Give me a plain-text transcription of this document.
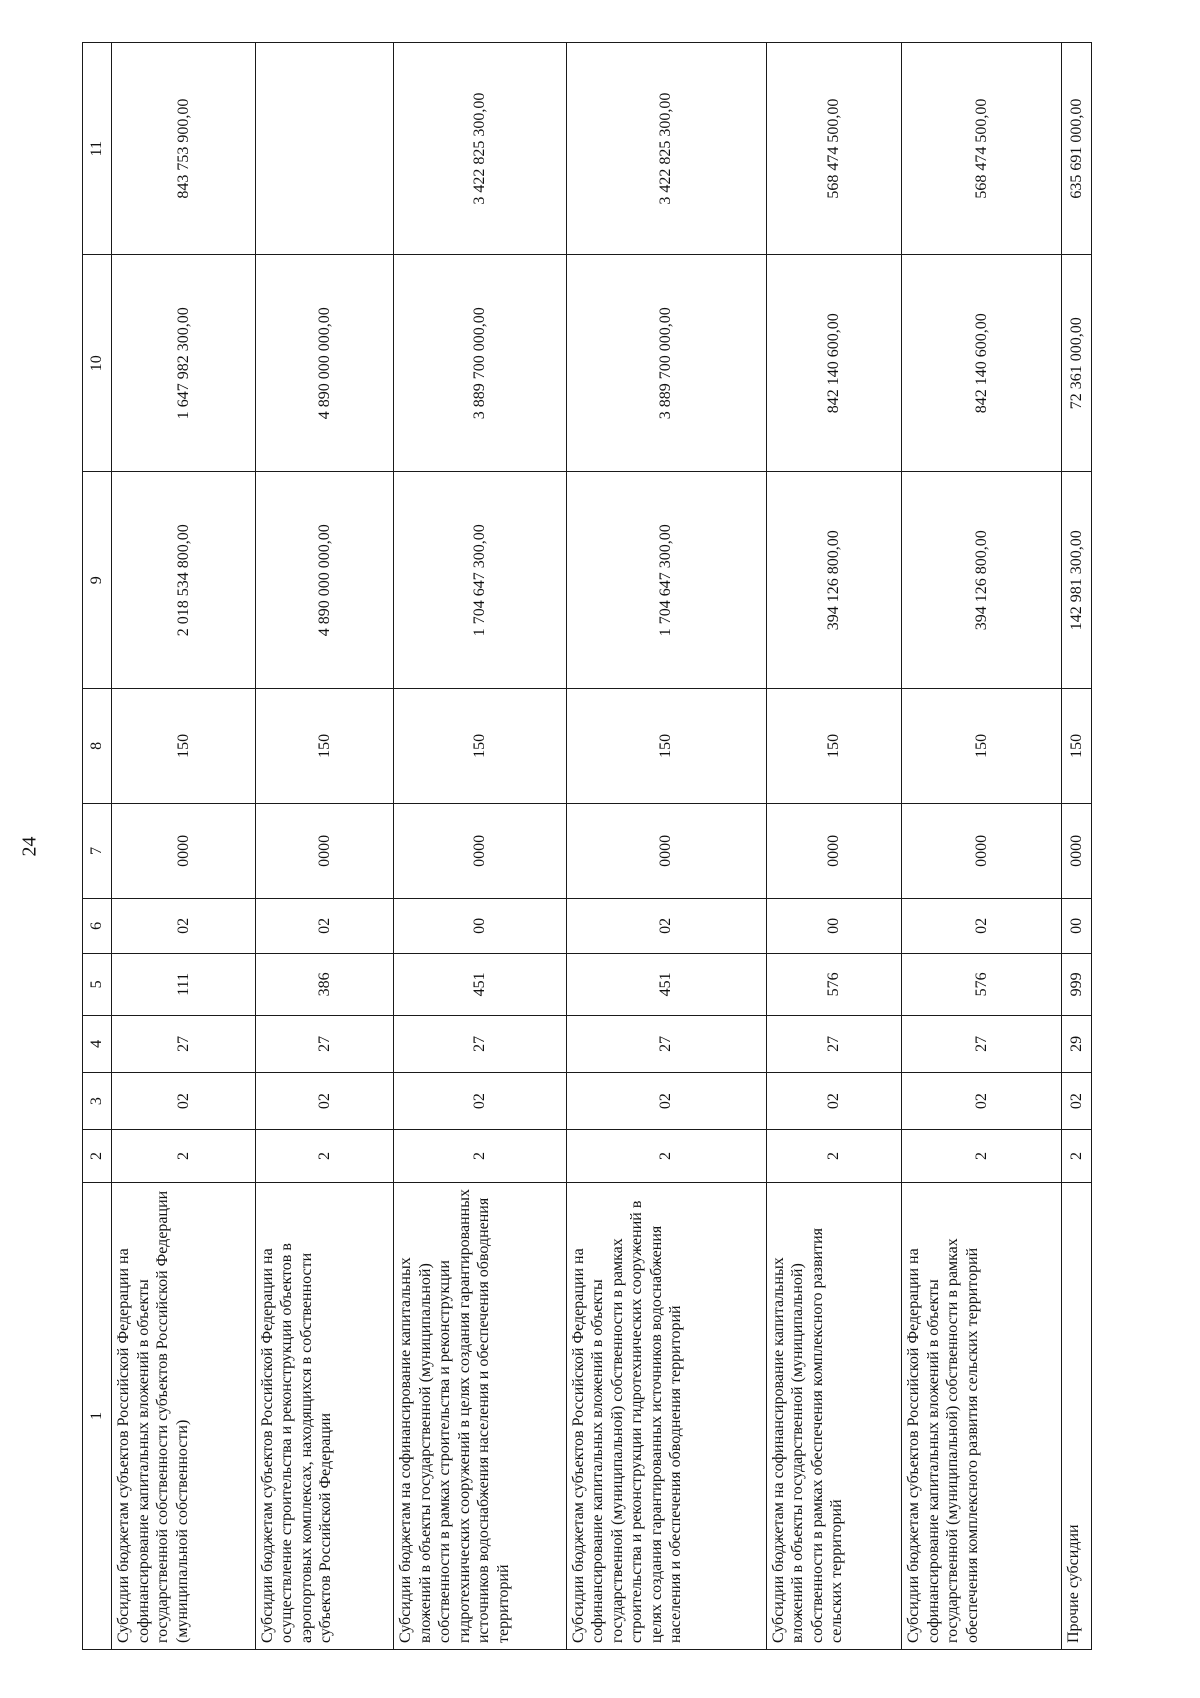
24
1	2	3	4	5	6	7	8	9	10	11
Субсидии бюджетам субъектов Российской Федерации на софинансирование капитальных вложений в объекты государственной собственности субъектов Российской Федерации (муниципальной собственности)	2	02	27	111	02	0000	150	2 018 534 800,00	1 647 982 300,00	843 753 900,00
Субсидии бюджетам субъектов Российской Федерации на осуществление строительства и реконструкции объектов в аэропортовых комплексах, находящихся в собственности субъектов Российской Федерации	2	02	27	386	02	0000	150	4 890 000 000,00	4 890 000 000,00	
Субсидии бюджетам на софинансирование капитальных вложений в объекты государственной (муниципальной) собственности в рамках строительства и реконструкции гидротехнических сооружений в целях создания гарантированных источников водоснабжения населения и обеспечения обводнения территорий	2	02	27	451	00	0000	150	1 704 647 300,00	3 889 700 000,00	3 422 825 300,00
Субсидии бюджетам субъектов Российской Федерации на софинансирование капитальных вложений в объекты государственной (муниципальной) собственности в рамках строительства и реконструкции гидротехнических сооружений в целях создания гарантированных источников водоснабжения населения и обеспечения обводнения территорий	2	02	27	451	02	0000	150	1 704 647 300,00	3 889 700 000,00	3 422 825 300,00
Субсидии бюджетам на софинансирование капитальных вложений в объекты государственной (муниципальной) собственности в рамках обеспечения комплексного развития сельских территорий	2	02	27	576	00	0000	150	394 126 800,00	842 140 600,00	568 474 500,00
Субсидии бюджетам субъектов Российской Федерации на софинансирование капитальных вложений в объекты государственной (муниципальной) собственности в рамках обеспечения комплексного развития сельских территорий	2	02	27	576	02	0000	150	394 126 800,00	842 140 600,00	568 474 500,00
Прочие субсидии	2	02	29	999	00	0000	150	142 981 300,00	72 361 000,00	635 691 000,00
